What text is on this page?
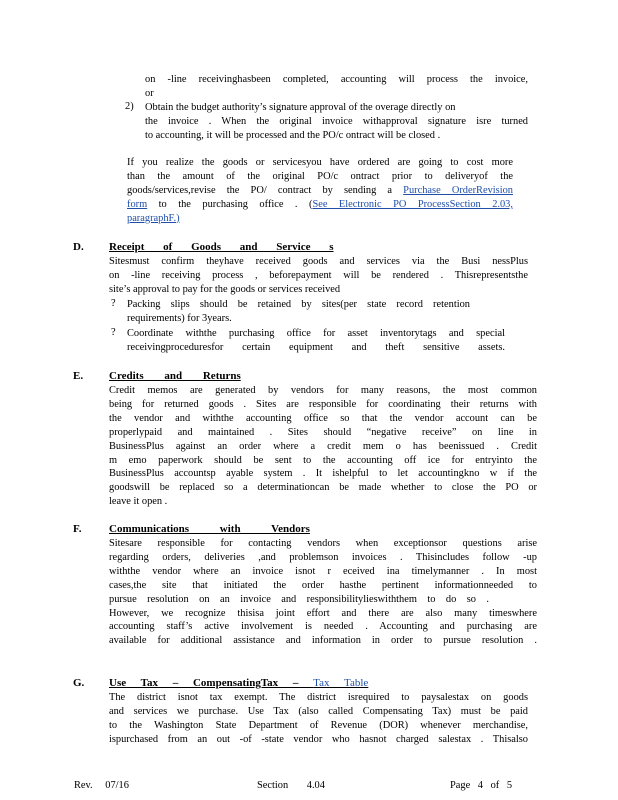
on -line receivinghasbeen completed, accounting will process the invoice,
or
2) Obtain the budget authority’s signature approval of the overage directly on
the invoice . When the original invoice withapproval signature isre turned
to accounting, it will be processed and the PO/c ontract will be closed .
If you realize the goods or servicesyou have ordered are going to cost more
than the amount of the original PO/c ontract prior to deliveryof the
goods/services,revise the PO/ contract by sending a Purchase OrderRevision
form to the purchasing office . (See Electronic PO ProcessSection 2.03,
paragraphF.)
D. Receipt of Goods and Service s
Sitesmust confirm theyhave received goods and services via the Busi nessPlus
on -line receiving process , beforepayment will be rendered . Thisrepresentsthe
site’s approval to pay for the goods or services received
? Packing slips should be retained by sites(per state record retention
requirements) for 3years.
? Coordinate withthe purchasing office for asset inventorytags and special
receivingproceduresfor certain equipment and theft sensitive assets.
E. Credits and Returns
Credit memos are generated by vendors for many reasons, the most common
being for returned goods . Sites are responsible for coordinating their returns with
the vendor and withthe accounting office so that the vendor account can be
properlypaid and maintained . Sites should “negative receive” on line in
BusinessPlus against an order where a credit mem o has beenissued . Credit
m emo paperwork should be sent to the accounting off ice for entryinto the
BusinessPlus accountsp ayable system . It ishelpful to let accountingkno w if the
goodswill be replaced so a determinationcan be made whether to close the PO or
leave it open .
F.	Communications with Vendors
Sitesare responsible for contacting vendors when exceptionsor questions arise
regarding orders, deliveries ,and problemson invoices . Thisincludes follow -up
withthe vendor where an invoice isnot r eceived ina timelymanner . In most
cases,the site that initiated the order hasthe pertinent informationneeded to
pursue resolution on an invoice and responsibilitylieswiththem to do so .
However, we recognize thisisa joint effort and there are also many timeswhere
accounting staff’s active involvement is needed . Accounting and purchasing are
available for additional assistance and information in order to pursue resolution .
G. Use Tax – CompensatingTax – Tax Table
The district isnot tax exempt. The district isrequired to paysalestax on goods
and services we purchase. Use Tax (also called Compensating Tax) must be paid
to the Washington State Department of Revenue (DOR) whenever merchandise,
ispurchased from an out -of -state vendor who hasnot charged salestax . Thisalso
Rev. 07/16	Section 4.04	Page 4 of 5
